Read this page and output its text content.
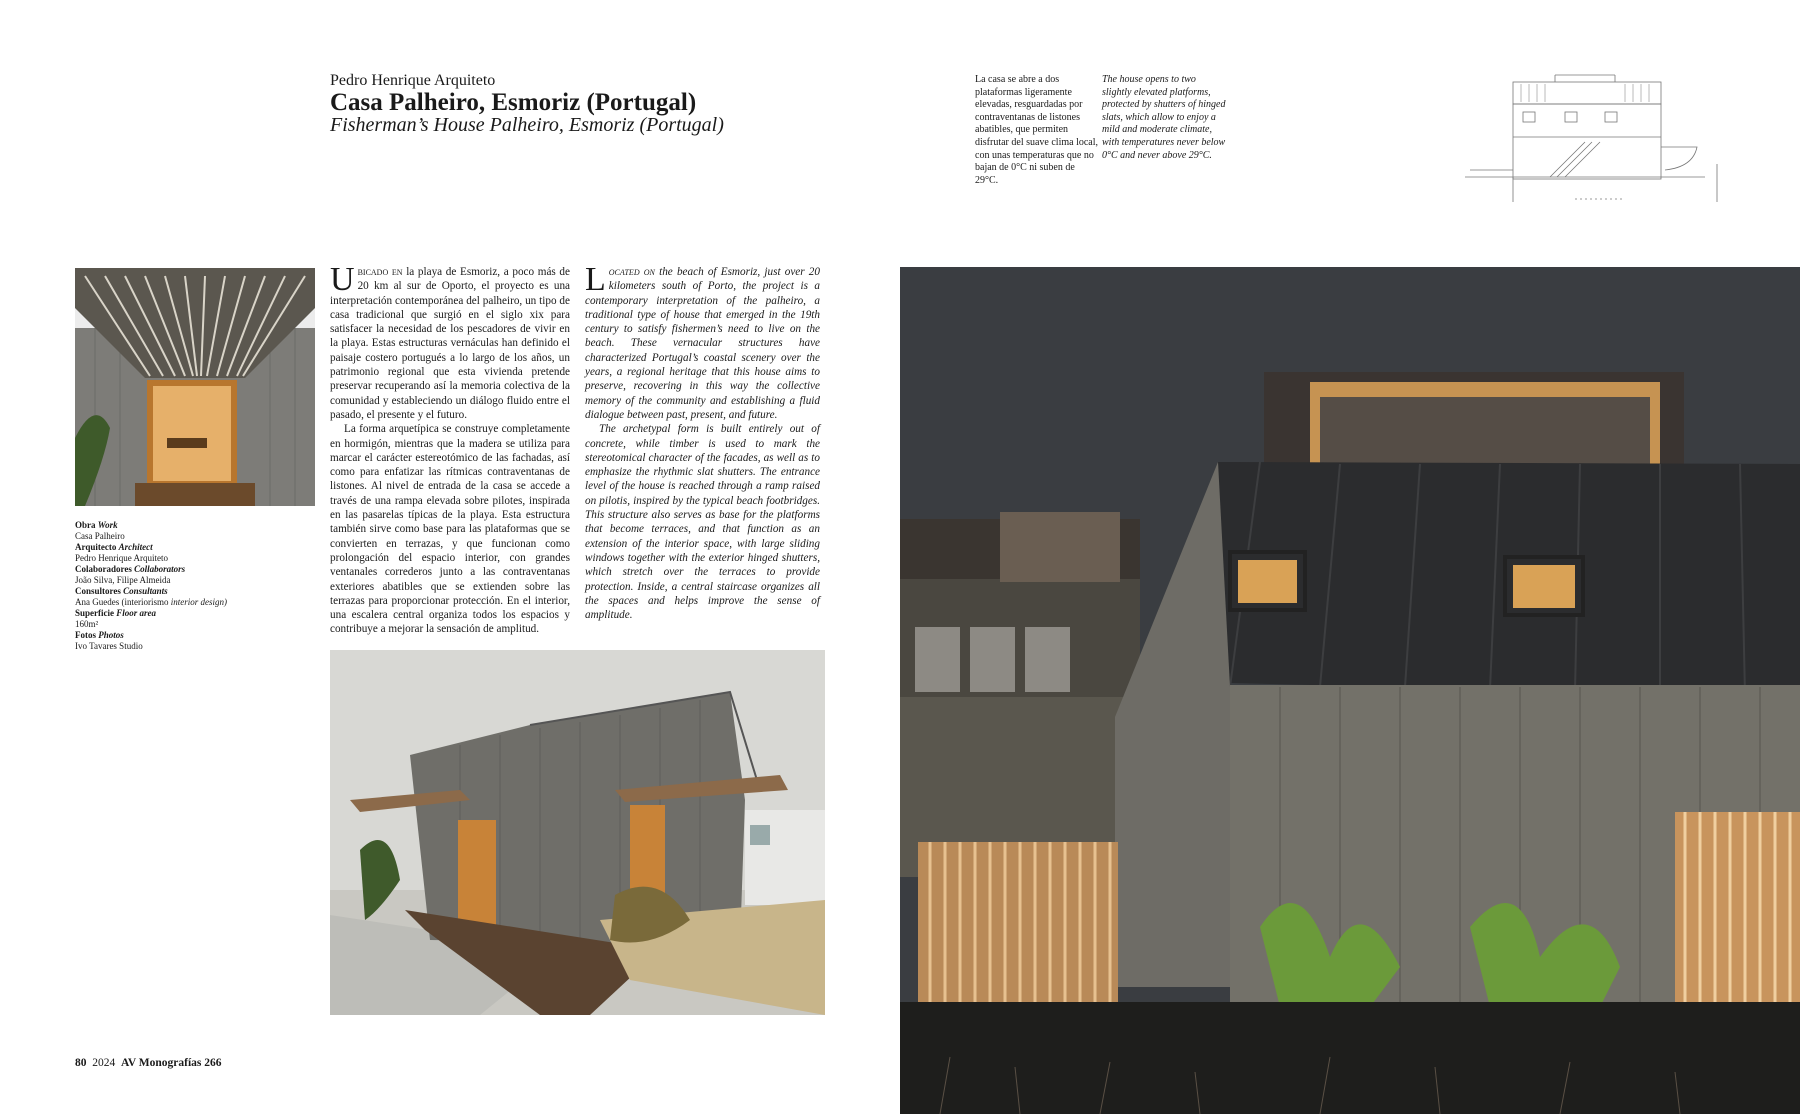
Pedro Henrique Arquiteto
Casa Palheiro, Esmoriz (Portugal)
Fisherman’s House Palheiro, Esmoriz (Portugal)
La casa se abre a dos plataformas ligeramente elevadas, resguardadas por contraventanas de listones abatibles, que permiten disfrutar del suave clima local, con unas temperaturas que no bajan de 0°C ni suben de 29°C.
The house opens to two slightly elevated platforms, protected by shutters of hinged slats, which allow to enjoy a mild and moderate climate, with temperatures never below 0°C and never above 29°C.
Obra Work
Casa Palheiro
Arquitecto Architect
Pedro Henrique Arquiteto
Colaboradores Collaborators
João Silva, Filipe Almeida
Consultores Consultants
Ana Guedes (interiorismo interior design)
Superficie Floor area
160m²
Fotos Photos
Ivo Tavares Studio

Ubicado en la playa de Esmoriz, a poco más de 20 km al sur de Oporto, el proyecto es una interpretación contemporánea del palheiro, un tipo de casa tradicional que surgió en el siglo xix para satisfacer la necesidad de los pescadores de vivir en la playa. Estas estructuras vernáculas han definido el paisaje costero portugués a lo largo de los años, un patrimonio regional que esta vivienda pretende preservar recuperando así la memoria colectiva de la comunidad y estableciendo un diálogo fluido entre el pasado, el presente y el futuro.

La forma arquetípica se construye completamente en hormigón, mientras que la madera se utiliza para marcar el carácter estereotómico de las fachadas, así como para enfatizar las rítmicas contraventanas de listones. Al nivel de entrada de la casa se accede a través de una rampa elevada sobre pilotes, inspirada en las pasarelas típicas de la playa. Esta estructura también sirve como base para las plataformas que se convierten en terrazas, y que funcionan como prolongación del espacio interior, con grandes ventanales correderos junto a las contraventanas exteriores abatibles que se extienden sobre las terrazas para proporcionar protección. En el interior, una escalera central organiza todos los espacios y contribuye a mejorar la sensación de amplitud.

Located on the beach of Esmoriz, just over 20 kilometers south of Porto, the project is a contemporary interpretation of the palheiro, a traditional type of house that emerged in the 19th century to satisfy fishermen’s need to live on the beach. These vernacular structures have characterized Portugal’s coastal scenery over the years, a regional heritage that this house aims to preserve, recovering in this way the collective memory of the community and establishing a fluid dialogue between past, present, and future.

The archetypal form is built entirely out of concrete, while timber is used to mark the stereotomical character of the facades, as well as to emphasize the rhythmic slat shutters. The entrance level of the house is reached through a ramp raised on pilotis, inspired by the typical beach footbridges. This structure also serves as base for the platforms that become terraces, and that function as an extension of the interior space, with large sliding windows together with the exterior hinged shutters, which stretch over the terraces to provide protection. Inside, a central staircase organizes all the spaces and helps improve the sense of amplitude.

80 2024 AV Monografías 266
